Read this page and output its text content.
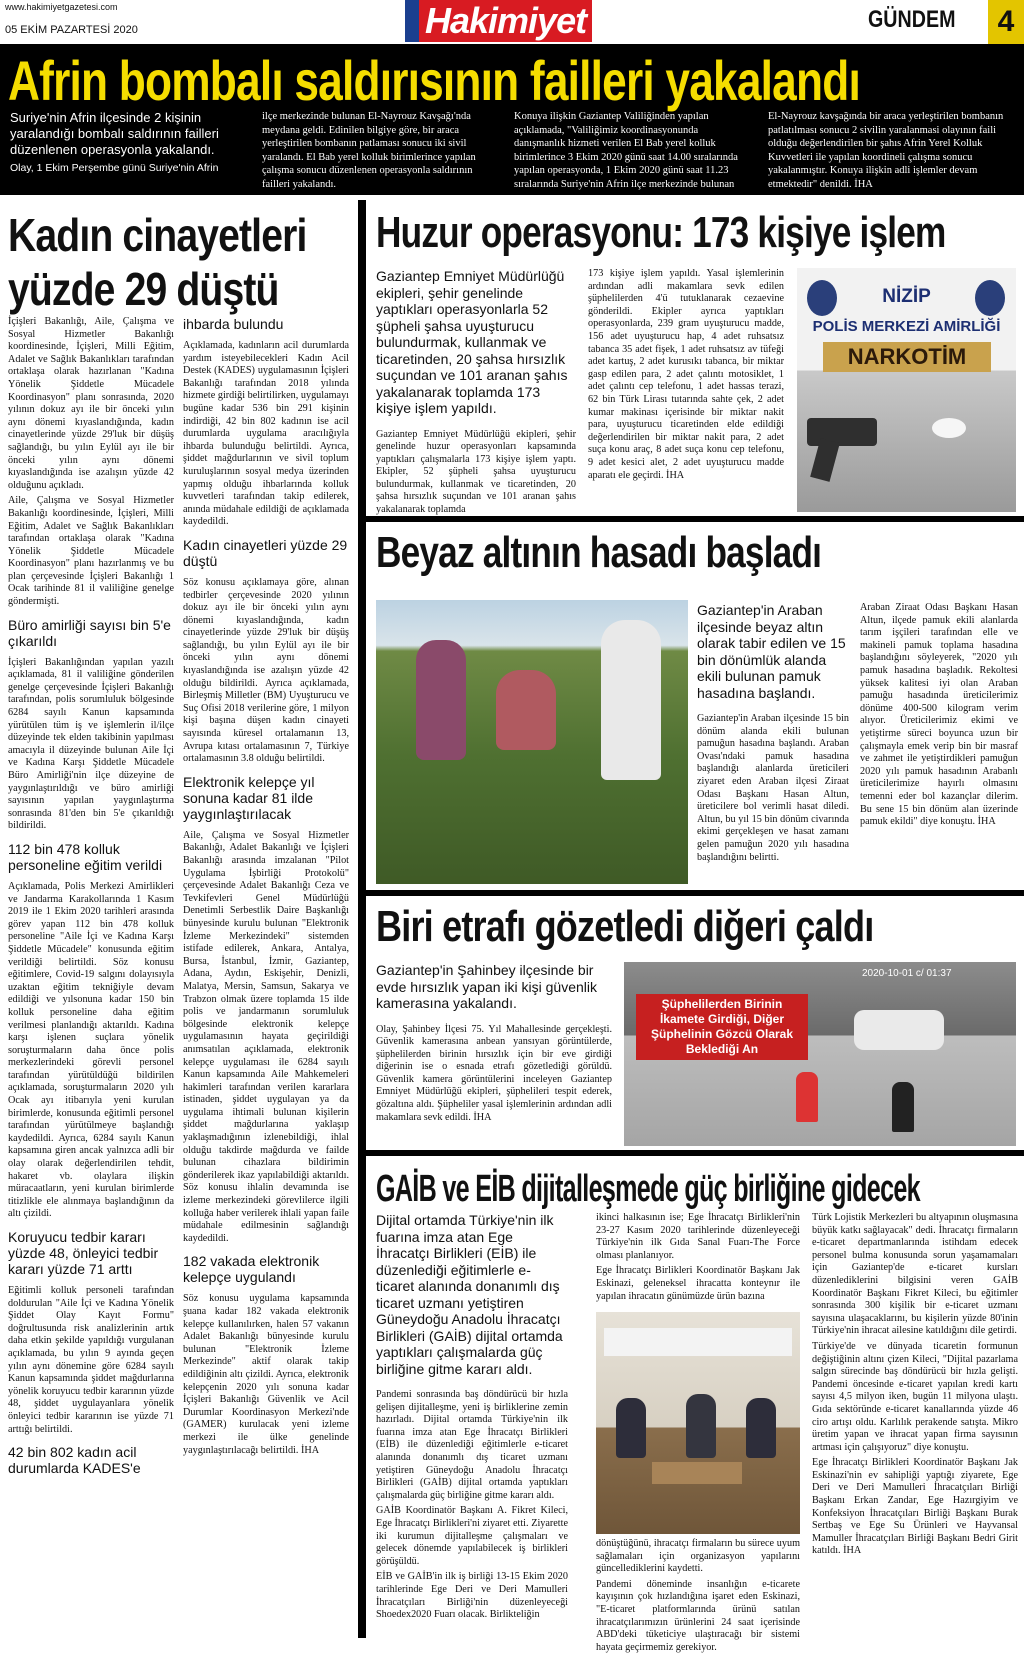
www.hakimiyetgazetesi.com
05 EKİM PAZARTESİ 2020	Hakimiyet	GÜNDEM	4
Afrin bombalı saldırısının failleri yakalandı
Suriye'nin Afrin ilçesinde 2 kişinin yaralandığı bombalı saldırının failleri düzenlenen operasyonla yakalandı.
Olay, 1 Ekim Perşembe günü Suriye'nin Afrin
ilçe merkezinde bulunan El-Nayrouz Kavşağı'nda meydana geldi. Edinilen bilgiye göre, bir araca yerleştirilen bombanın patlaması sonucu iki sivil yaralandı. El Bab yerel kolluk birimlerince yapılan çalışma sonucu düzenlenen operasyonla saldırının failleri yakalandı.
Konuya ilişkin Gaziantep Valiliğinden yapılan açıklamada, "Valiliğimiz koordinasyonunda danışmanlık hizmeti verilen El Bab yerel kolluk birimlerince 3 Ekim 2020 günü saat 14.00 sıralarında yapılan operasyonda, 1 Ekim 2020 günü saat 11.23 sıralarında Suriye'nin Afrin ilçe merkezinde bulunan
El-Nayrouz kavşağında bir araca yerleştirilen bombanın patlatılması sonucu 2 sivilin yaralanmasi olayının faili olduğu değerlendirilen bir şahıs Afrin Yerel Kolluk Kuvvetleri ile yapılan koordineli çalışma sonucu yakalanmıştır. Konuya ilişkin adli işlemler devam etmektedir" denildi. İHA
Kadın cinayetleri
yüzde 29 düştü

İçişleri Bakanlığı, Aile, Çalışma ve Sosyal Hizmetler Bakanlığı koordinesinde, İçişleri, Milli Eğitim, Adalet ve Sağlık Bakanlıkları tarafından ortaklaşa olarak hazırlanan "Kadına Yönelik Şiddetle Mücadele Koordinasyon" planı sonrasında, 2020 yılının dokuz ayı ile bir önceki yılın aynı dönemi kıyaslandığında, kadın cinayetlerinde yüzde 29'luk bir düşüş sağlandığı, bu yılın Eylül ayı ile bir önceki yılın aynı dönemi kıyaslandığında ise azalışın yüzde 42 olduğunu açıkladı.

Aile, Çalışma ve Sosyal Hizmetler Bakanlığı koordinesinde, İçişleri, Milli Eğitim, Adalet ve Sağlık Bakanlıkları tarafından ortaklaşa olarak "Kadına Yönelik Şiddetle Mücadele Koordinasyon" planı hazırlanmış ve bu plan çerçevesinde İçişleri Bakanlığı 1 Ocak tarihinde 81 il valiliğine genelge göndermişti.

Büro amirliği sayısı bin 5'e çıkarıldı

İçişleri Bakanlığından yapılan yazılı açıklamada, 81 il valiliğine gönderilen genelge çerçevesinde İçişleri Bakanlığı tarafından, polis sorumluluk bölgesinde 6284 sayılı Kanun kapsamında yürütülen tüm iş ve işlemlerin il/ilçe düzeyinde tek elden takibinin yapılması amacıyla il düzeyinde bulunan Aile İçi ve Kadına Karşı Şiddetle Mücadele Büro Amirliği'nin ilçe düzeyine de yaygınlaştırıldığı ve büro amirliği sayısının yapılan yaygınlaştırma sonrasında 81'den bin 5'e çıkarıldığı bildirildi.

112 bin 478 kolluk personeline eğitim verildi

Açıklamada, Polis Merkezi Amirlikleri ve Jandarma Karakollarında 1 Kasım 2019 ile 1 Ekim 2020 tarihleri arasında görev yapan 112 bin 478 kolluk personeline "Aile İçi ve Kadına Karşı Şiddetle Mücadele" konusunda eğitim verildiği belirtildi. Söz konusu eğitimlere, Covid-19 salgını dolayısıyla uzaktan eğitim tekniğiyle devam edildiği ve yılsonuna kadar 150 bin kolluk personeline daha eğitim verilmesi planlandığı aktarıldı. Kadına karşı işlenen suçlara yönelik soruşturmaların daha önce polis merkezlerindeki görevli personel tarafından yürütüldüğü bildirilen açıklamada, soruşturmaların 2020 yılı Ocak ayı itibarıyla yeni kurulan birimlerde, konusunda eğitimli personel tarafından yürütülmeye başlandığı kaydedildi. Ayrıca, 6284 sayılı Kanun kapsamına giren ancak yalnızca adli bir olay olarak değerlendirilen tehdit, hakaret vb. olaylara ilişkin müracaatların, yeni kurulan birimlerde titizlikle ele alınmaya başlandığının da altı çizildi.

Koruyucu tedbir kararı yüzde 48, önleyici tedbir kararı yüzde 71 arttı

Eğitimli kolluk personeli tarafından doldurulan "Aile İçi ve Kadına Yönelik Şiddet Olay Kayıt Formu" doğrultusunda risk analizlerinin artık daha etkin şekilde yapıldığı vurgulanan açıklamada, bu yılın 9 ayında geçen yılın aynı dönemine göre 6284 sayılı Kanun kapsamında şiddet mağdurlarına yönelik koruyucu tedbir kararının yüzde 48, şiddet uygulayanlara yönelik önleyici tedbir kararının ise yüzde 71 arttığı belirtildi.

42 bin 802 kadın acil durumlarda KADES'e
ihbarda bulundu

Açıklamada, kadınların acil durumlarda yardım isteyebilecekleri Kadın Acil Destek (KADES) uygulamasının İçişleri Bakanlığı tarafından 2018 yılında hizmete girdiği belirtilirken, uygulamayı bugüne kadar 536 bin 291 kişinin indirdiği, 42 bin 802 kadının ise acil durumlarda uygulama aracılığıyla ihbarda bulunduğu belirtildi. Ayrıca, şiddet mağdurlarının ve sivil toplum kuruluşlarının sosyal medya üzerinden yapmış olduğu ihbarlarında kolluk kuvvetleri tarafından takip edilerek, anında müdahale edildiği de açıklamada kaydedildi.

Kadın cinayetleri yüzde 29 düştü

Söz konusu açıklamaya göre, alınan tedbirler çerçevesinde 2020 yılının dokuz ayı ile bir önceki yılın aynı dönemi kıyaslandığında, kadın cinayetlerinde yüzde 29'luk bir düşüş sağlandığı, bu yılın Eylül ayı ile bir önceki yılın aynı dönemi kıyaslandığında ise azalışın yüzde 42 olduğu bildirildi. Ayrıca açıklamada, Birleşmiş Milletler (BM) Uyuşturucu ve Suç Ofisi 2018 verilerine göre, 1 milyon kişi başına düşen kadın cinayeti sayısında küresel ortalamanın 13, Avrupa kıtası ortalamasının 7, Türkiye ortalamasının 3.8 olduğu belirtildi.

Elektronik kelepçe yıl sonuna kadar 81 ilde yaygınlaştırılacak

Aile, Çalışma ve Sosyal Hizmetler Bakanlığı, Adalet Bakanlığı ve İçişleri Bakanlığı arasında imzalanan "Pilot Uygulama İşbirliği Protokolü" çerçevesinde Adalet Bakanlığı Ceza ve Tevkifevleri Genel Müdürlüğü Denetimli Serbestlik Daire Başkanlığı bünyesinde kurulu bulunan "Elektronik İzleme Merkezindeki" sistemden istifade edilerek, Ankara, Antalya, Bursa, İstanbul, İzmir, Gaziantep, Adana, Aydın, Eskişehir, Denizli, Malatya, Mersin, Samsun, Sakarya ve Trabzon olmak üzere toplamda 15 ilde polis ve jandarmanın sorumluluk bölgesinde elektronik kelepçe uygulamasının hayata geçirildiği anımsatılan açıklamada, elektronik kelepçe uygulaması ile 6284 sayılı Kanun kapsamında Aile Mahkemeleri hakimleri tarafından verilen kararlara istinaden, şiddet uygulayan ya da uygulama ihtimali bulunan kişilerin şiddet mağdurlarına yaklaşıp yaklaşmadığının izlenebildiği, ihlal olduğu takdirde mağdurda ve failde bulunan cihazlara bildirimin gönderilerek ikaz yapılabildiği aktarıldı. Söz konusu ihlalin devamında ise izleme merkezindeki görevlilerce ilgili kolluğa haber verilerek ihlali yapan faile müdahale edilmesinin sağlandığı kaydedildi.

182 vakada elektronik kelepçe uygulandı

Söz konusu uygulama kapsamında şuana kadar 182 vakada elektronik kelepçe kullanılırken, halen 57 vakanın Adalet Bakanlığı bünyesinde kurulu bulunan "Elektronik İzleme Merkezinde" aktif olarak takip edildiğinin altı çizildi. Ayrıca, elektronik kelepçenin 2020 yılı sonuna kadar İçişleri Bakanlığı Güvenlik ve Acil Durumlar Koordinasyon Merkezi'nde (GAMER) kurulacak yeni izleme merkezi ile ülke genelinde yaygınlaştırılacağı belirtildi. İHA

Huzur operasyonu: 173 kişiye işlem
Gaziantep Emniyet Müdürlüğü ekipleri, şehir genelinde yaptıkları operasyonlarla 52 şüpheli şahsa uyuşturucu bulundurmak, kullanmak ve ticaretinden, 20 şahsa hırsızlık suçundan ve 101 aranan şahıs yakalanarak toplamda 173 kişiye işlem yapıldı.

Gaziantep Emniyet Müdürlüğü ekipleri, şehir genelinde huzur operasyonları kapsamında yaptıkları çalışmalarla 173 kişiye işlem yaptı. Ekipler, 52 şüpheli şahsa uyuşturucu bulundurmak, kullanmak ve ticaretinden, 20 şahsa hırsızlık suçundan ve 101 aranan şahıs yakalanarak toplamda

173 kişiye işlem yapıldı. Yasal işlemlerinin ardından adli makamlara sevk edilen şüphelilerden 4'ü tutuklanarak cezaevine gönderildi. Ekipler ayrıca yaptıkları operasyonlarda, 239 gram uyuşturucu madde, 156 adet uyuşturucu hap, 4 adet ruhsatsız tabanca 35 adet fişek, 1 adet ruhsatsız av tüfeği adet kartuş, 2 adet kurusıkı tabanca, bir miktar gasp edilen para, 2 adet çalıntı motosiklet, 1 adet çalıntı cep telefonu, 1 adet hassas terazi, 62 bin Türk Lirası tutarında sahte çek, 2 adet kumar makinası içerisinde bir miktar nakit para, uyuşturucu ticaretinden elde edildiği değerlendirilen bir miktar nakit para, 2 adet suça konu araç, 8 adet suça konu cep telefonu, 9 adet kesici alet, 2 adet uyuşturucu madde aparatı ele geçirdi. İHA
NİZİP
POLİS MERKEZİ AMİRLİĞİ
NARKOTİM
Beyaz altının hasadı başladı
Gaziantep'in Araban ilçesinde beyaz altın olarak tabir edilen ve 15 bin dönümlük alanda ekili bulunan pamuk hasadına başlandı.

Gaziantep'in Araban ilçesinde 15 bin dönüm alanda ekili bulunan pamuğun hasadına başlandı. Araban Ovası'ndaki pamuk hasadına başlandığı alanlarda üreticileri ziyaret eden Araban ilçesi Ziraat Odası Başkanı Hasan Altun, üreticilere bol verimli hasat diledi. Altun, bu yıl 15 bin dönüm civarında ekimi gerçekleşen ve hasat zamanı gelen pamuğun 2020 yılı hasadına başlandığını belirtti.

Araban Ziraat Odası Başkanı Hasan Altun, ilçede pamuk ekili alanlarda tarım işçileri tarafından elle ve makineli pamuk toplama hasadına başlandığını söyleyerek, "2020 yılı pamuk hasadına başladık. Rekoltesi yüksek kalitesi iyi olan Araban pamuğu hasadında üreticilerimiz dönüme 400-500 kilogram verim alıyor. Üreticilerimiz ekimi ve yetiştirme süreci boyunca uzun bir çalışmayla emek verip bin bir masraf ve zahmet ile yetiştirdikleri pamuğun 2020 yılı pamuk hasadının Arabanlı üreticilerimize hayırlı olmasını temenni eder bol kazançlar dilerim. Bu sene 15 bin dönüm alan üzerinde pamuk ekildi" diye konuştu. İHA
Biri etrafı gözetledi diğeri çaldı
Gaziantep'in Şahinbey ilçesinde bir evde hırsızlık yapan iki kişi güvenlik kamerasına yakalandı.

Olay, Şahinbey İlçesi 75. Yıl Mahallesinde gerçekleşti. Güvenlik kamerasına anbean yansıyan görüntülerde, şüphelilerden birinin hırsızlık için bir eve girdiği diğerinin ise o esnada etrafı gözetlediği görüldü. Güvenlik kamera görüntülerini inceleyen Gaziantep Emniyet Müdürlüğü ekipleri, şüphelileri tespit ederek, gözaltına aldı. Şüpheliler yasal işlemlerinin ardından adli makamlara sevk edildi. İHA

2020-10-01 c/ 01:37
Şüphelilerden Birinin İkamete Girdiği, Diğer Şüphelinin Gözcü Olarak Beklediği An
GAİB ve EİB dijitalleşmede güç birliğine gidecek
Dijital ortamda Türkiye'nin ilk fuarına imza atan Ege İhracatçı Birlikleri (EİB) ile düzenlediği eğitimlerle e-ticaret alanında donanımlı dış ticaret uzmanı yetiştiren Güneydoğu Anadolu İhracatçı Birlikleri (GAİB) dijital ortamda yaptıkları çalışmalarda güç birliğine gitme kararı aldı.

Pandemi sonrasında baş döndürücü bir hızla gelişen dijitalleşme, yeni iş birliklerine zemin hazırladı. Dijital ortamda Türkiye'nin ilk fuarına imza atan Ege İhracatçı Birlikleri (EİB) ile düzenlediği eğitimlerle e-ticaret alanında donanımlı dış ticaret uzmanı yetiştiren Güneydoğu Anadolu İhracatçı Birlikleri (GAİB) dijital ortamda yaptıkları çalışmalarda güç birliğine gitme kararı aldı.

GAİB Koordinatör Başkanı A. Fikret Kileci, Ege İhracatçı Birlikleri'ni ziyaret etti. Ziyarette iki kurumun dijitalleşme çalışmaları ve gelecek dönemde yapılabilecek iş birlikleri görüşüldü.

EİB ve GAİB'in ilk iş birliği 13-15 Ekim 2020 tarihlerinde Ege Deri ve Deri Mamulleri İhracatçıları Birliği'nin düzenleyeceği Shoedex2020 Fuarı olacak. Birlikteliğin

ikinci halkasının ise; Ege İhracatçı Birlikleri'nin 23-27 Kasım 2020 tarihlerinde düzenleyeceği Türkiye'nin ilk Gıda Sanal Fuarı-The Force olması planlanıyor.

Ege İhracatçı Birlikleri Koordinatör Başkanı Jak Eskinazi, geleneksel ihracatta konteynır ile yapılan ihracatın günümüzde ürün bazına

dönüştüğünü, ihracatçı firmaların bu sürece uyum sağlamaları için organizasyon yapılarını güncellediklerini kaydetti.

Pandemi döneminde insanlığın e-ticarete kayışının çok hızlandığına işaret eden Eskinazi, "E-ticaret platformlarında ürünü satılan ihracatçılarımızın ürünlerini 24 saat içerisinde ABD'deki tüketiciye ulaştıracağı bir sistemi hayata geçirmemiz gerekiyor.

Türk Lojistik Merkezleri bu altyapının oluşmasına büyük katkı sağlayacak" dedi. İhracatçı firmaların e-ticaret departmanlarında istihdam edecek personel bulma konusunda sorun yaşamamaları için Gaziantep'de e-ticaret kursları düzenlediklerini bilgisini veren GAİB Koordinatör Başkanı Fikret Kileci, bu eğitimler sonrasında 300 kişilik bir e-ticaret uzmanı sayısına ulaşacaklarını, bu kişilerin yüzde 80'inin Türkiye'nin ihracat ailesine katıldığını dile getirdi.

Türkiye'de ve dünyada ticaretin formunun değiştiğinin altını çizen Kileci, "Dijital pazarlama salgın sürecinde baş döndürücü bir hızla gelişti. Pandemi öncesinde e-ticaret yapılan kredi kartı sayısı 4,5 milyon iken, bugün 11 milyona ulaştı. Gıda sektöründe e-ticaret kanallarında yüzde 46 ciro artışı oldu. Karlılık perakende satışta. Mikro üretim yapan ve ihracat yapan firma sayısının artması için çalışıyoruz" diye konuştu.

Ege İhracatçı Birlikleri Koordinatör Başkanı Jak Eskinazi'nin ev sahipliği yaptığı ziyarete, Ege Deri ve Deri Mamulleri İhracatçıları Birliği Başkanı Erkan Zandar, Ege Hazırgiyim ve Konfeksiyon İhracatçıları Birliği Başkanı Burak Sertbaş ve Ege Su Ürünleri ve Hayvansal Mamuller İhracatçıları Birliği Başkanı Bedri Girit katıldı. İHA
